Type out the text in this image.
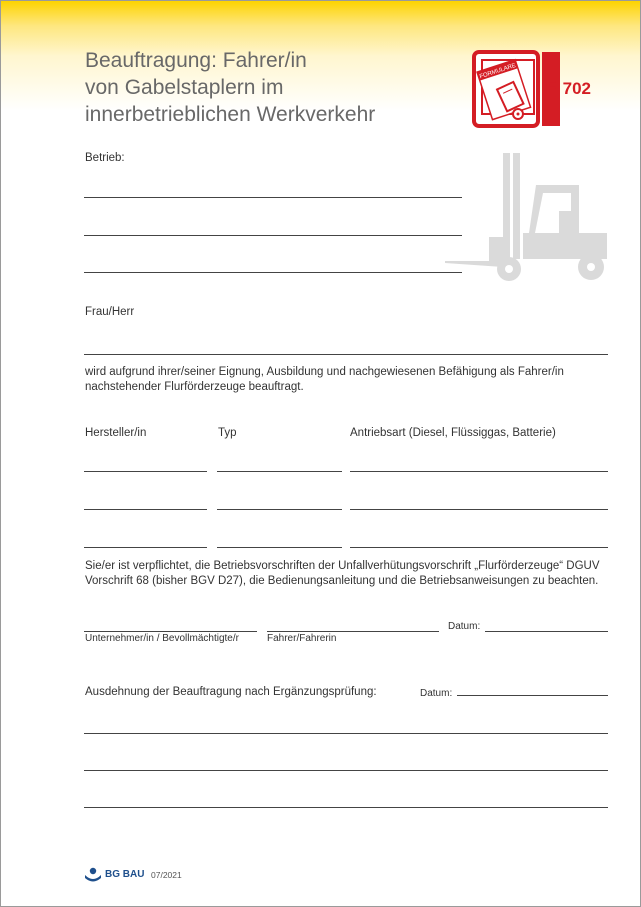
Beauftragung: Fahrer/in
von Gabelstaplern im
innerbetrieblichen Werkverkehr
FORMULARE
F 702
Betrieb:
Frau/Herr
wird aufgrund ihrer/seiner Eignung, Ausbildung und nachgewiesenen Befähigung als Fahrer/in nachstehender Flurförderzeuge beauftragt.
Hersteller/in	Typ	Antriebsart (Diesel, Flüssiggas, Batterie)
Sie/er ist verpflichtet, die Betriebsvorschriften der Unfallverhütungsvorschrift „Flurförderzeuge“ DGUV Vorschrift 68 (bisher BGV D27), die Bedienungsanleitung und die Betriebsanweisungen zu beachten.
Unternehmer/in / Bevollmächtigte/r	Fahrer/Fahrerin
Datum:
Ausdehnung der Beauftragung nach Ergänzungsprüfung:	Datum:
BG BAU 07/2021
